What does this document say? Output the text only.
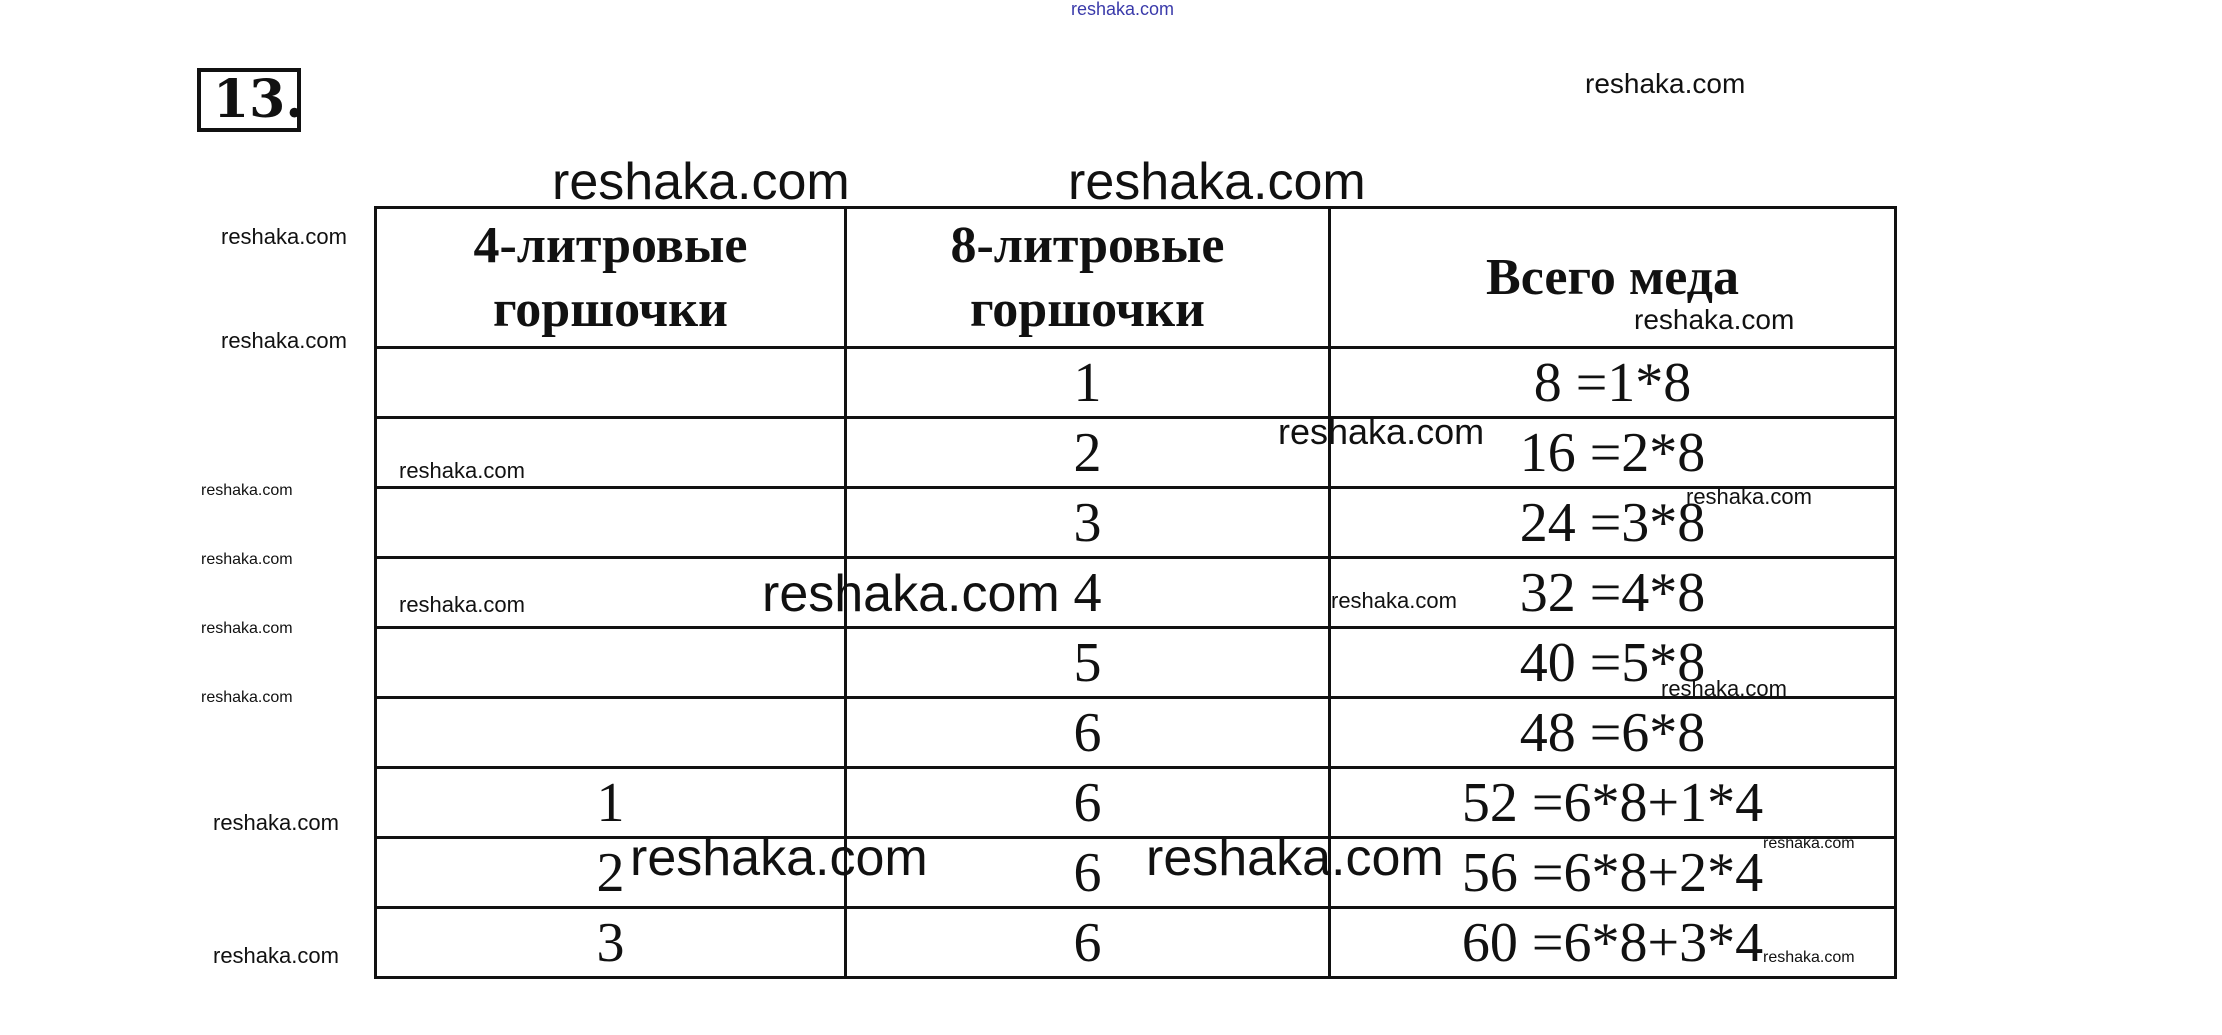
13.
4-литровые горшочки	8-литровые горшочки	Всего меда
	1	8 =1*8
	2	16 =2*8
	3	24 =3*8
	4	32 =4*8
	5	40 =5*8
	6	48 =6*8
1	6	52 =6*8+1*4
2	6	56 =6*8+2*4
3	6	60 =6*8+3*4
reshaka.com
reshaka.com
reshaka.com	reshaka.com
reshaka.com
reshaka.com
reshaka.com
reshaka.com
reshaka.com
reshaka.com
reshaka.com
reshaka.com
reshaka.com
reshaka.com
reshaka.com
reshaka.com	reshaka.com
reshaka.com
reshaka.com
reshaka.com	reshaka.com	reshaka.com
reshaka.com	reshaka.com
